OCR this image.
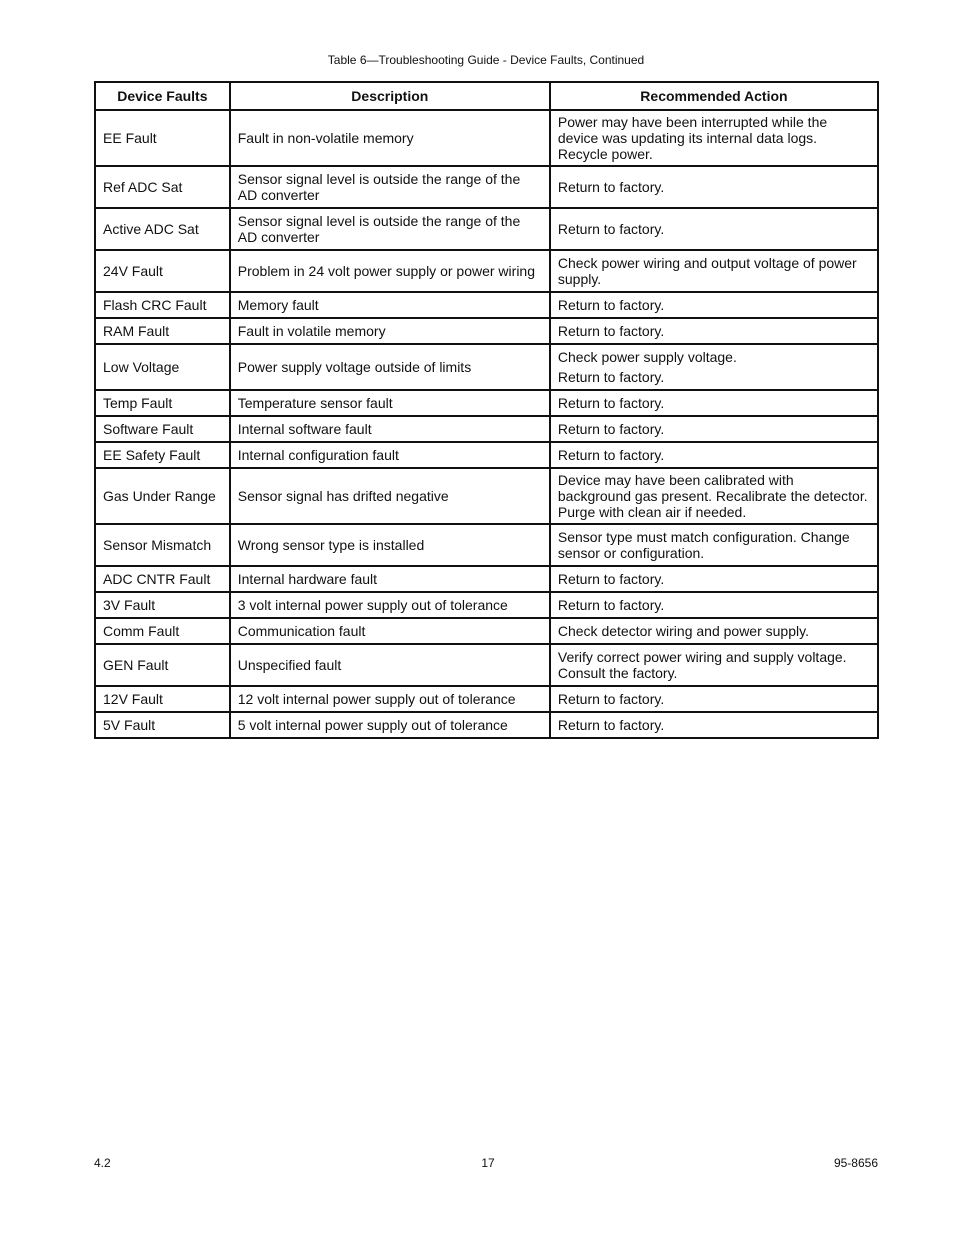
Table 6—Troubleshooting Guide - Device Faults, Continued
Device Faults	Description	Recommended Action
EE Fault	Fault in non-volatile memory	Power may have been interrupted while the device was updating its internal data logs. Recycle power.

Ref ADC Sat	Sensor signal level is outside the range of the AD converter	Return to factory.

Active ADC Sat	Sensor signal level is outside the range of the AD converter	Return to factory.

24V Fault	Problem in 24 volt power supply or power wiring	Check power wiring and output voltage of power supply.

Flash CRC Fault	Memory fault	Return to factory.

RAM Fault	Fault in volatile memory	Return to factory.

Low Voltage	Power supply voltage outside of limits	Check power supply voltage.
Return to factory.

Temp Fault	Temperature sensor fault	Return to factory.

Software Fault	Internal software fault	Return to factory.

EE Safety Fault	Internal configuration fault	Return to factory.

Gas Under Range	Sensor signal has drifted negative	Device may have been calibrated with background gas present. Recalibrate the detector. Purge with clean air if needed.

Sensor Mismatch	Wrong sensor type is installed	Sensor type must match configuration. Change sensor or configuration.

ADC CNTR Fault	Internal hardware fault	Return to factory.

3V Fault	3 volt internal power supply out of tolerance	Return to factory.

Comm Fault	Communication fault	Check detector wiring and power supply.

GEN Fault	Unspecified fault	Verify correct power wiring and supply voltage. Consult the factory.

12V Fault	12 volt internal power supply out of tolerance	Return to factory.

5V Fault	5 volt internal power supply out of tolerance	Return to factory.
4.2	17	95-8656
